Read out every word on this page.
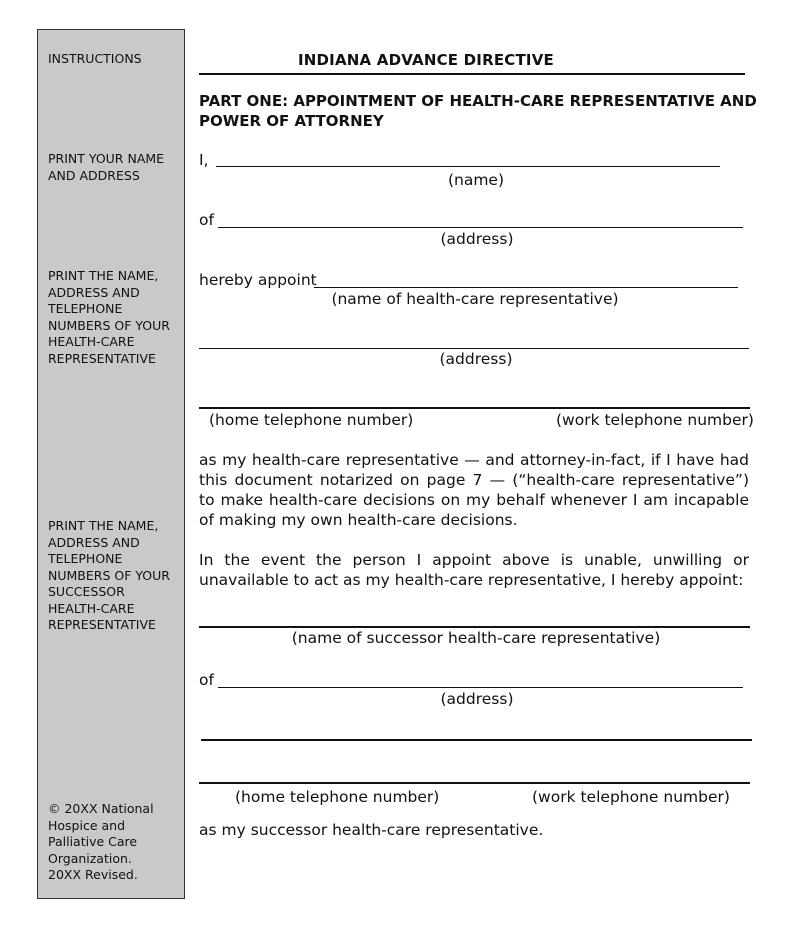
INSTRUCTIONS
PRINT YOUR NAME
AND ADDRESS
PRINT THE NAME,
ADDRESS AND
TELEPHONE
NUMBERS OF YOUR
HEALTH-CARE
REPRESENTATIVE
PRINT THE NAME,
ADDRESS AND
TELEPHONE
NUMBERS OF YOUR
SUCCESSOR
HEALTH-CARE
REPRESENTATIVE
© 20XX National
Hospice and
Palliative Care
Organization.
20XX Revised.
INDIANA ADVANCE DIRECTIVE
PART ONE: APPOINTMENT OF HEALTH-CARE REPRESENTATIVE AND POWER OF ATTORNEY
I,
(name)
of
(address)
hereby appoint
(name of health-care representative)
(address)
(home telephone number)	(work telephone number)
as my health-care representative — and attorney-in-fact, if I have had this document notarized on page 7 — (“health-care representative”) to make health-care decisions on my behalf whenever I am incapable of making my own health-care decisions.
In the event the person I appoint above is unable, unwilling or unavailable to act as my health-care representative, I hereby appoint:
(name of successor health-care representative)
of
(address)
(home telephone number)	(work telephone number)
as my successor health-care representative.
